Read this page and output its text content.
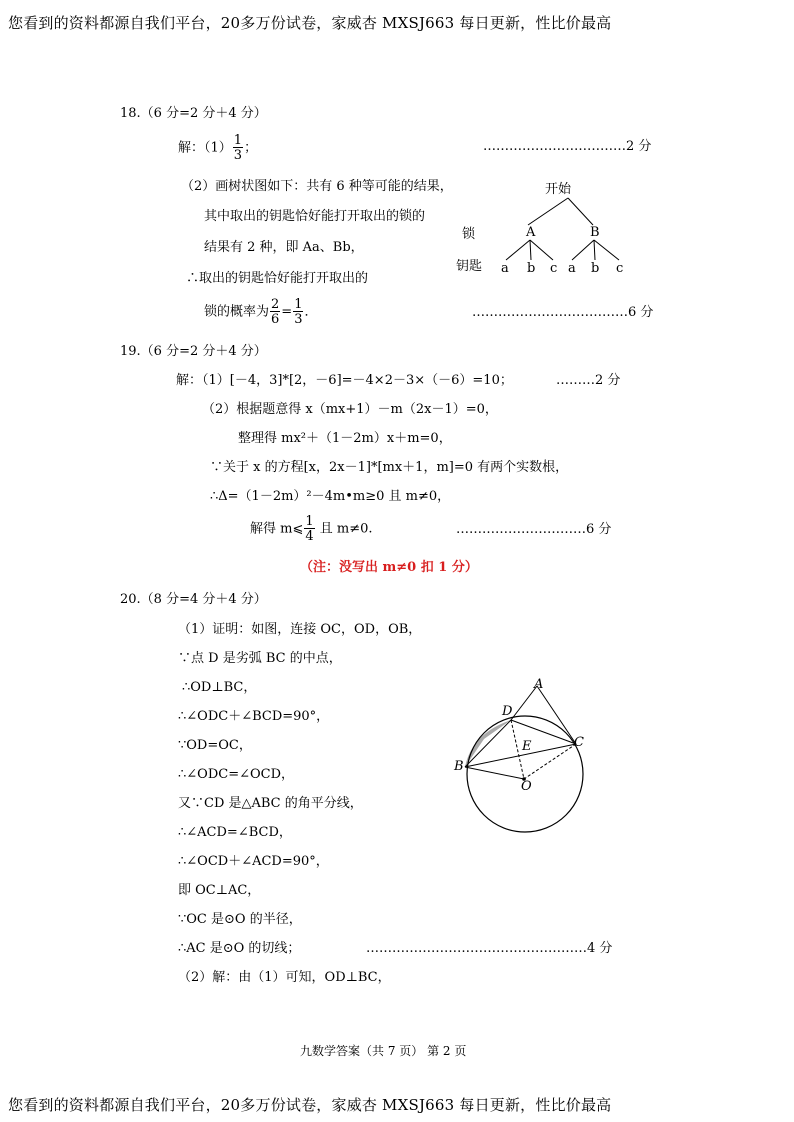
您看到的资料都源自我们平台，20多万份试卷，家威杏 MXSJ663 每日更新，性比价最高
18.（6 分=2 分＋4 分）
解：$(1) \frac{1}{3}$ ；	……………………………2 分
（2）画树状图如下：共有 6 种等可能的结果，
其中取出的钥匙恰好能打开取出的锁的
结果有 2 种，即 Aa、Bb，
∴取出的钥匙恰好能打开取出的
锁的概率为 $\frac{2}{6} = \frac{1}{3}$ ．	………………………………6 分
开始
锁
钥匙
A	B
a b c a b c
19.（6 分=2 分＋4 分）
解：（1）[－4，3]*[2，－6]=－4×2－3×（－6）=10；	………2 分
（2）根据题意得 x（mx+1）－m（2x－1）=0，
整理得 mx²＋（1－2m）x＋m=0，
∵关于 x 的方程[x，2x－1]*[mx＋1，m]=0 有两个实数根，
∴Δ=（1－2m）²－4m•m≥0 且 m≠0，
解得 m⩽ $\frac{1}{4}$ 且 m≠0.	…………………………6 分
（注：没写出 m≠0 扣 1 分）
20.（8 分=4 分＋4 分）
（1）证明：如图，连接 OC，OD，OB，
∵点 D 是劣弧 BC 的中点，
∴OD⊥BC，
∴∠ODC＋∠BCD=90°，
∵OD=OC，
∴∠ODC=∠OCD，
又∵CD 是△ABC 的角平分线，
∴∠ACD=∠BCD，
∴∠OCD＋∠ACD=90°，
即 OC⊥AC，
∵OC 是⊙O 的半径，
∴AC 是⊙O 的切线；	……………………………………………4 分
（2）解：由（1）可知，OD⊥BC，
A
D
C
E
B
O
九数学答案（共 7 页） 第 2 页
您看到的资料都源自我们平台，20多万份试卷，家威杏 MXSJ663 每日更新，性比价最高
